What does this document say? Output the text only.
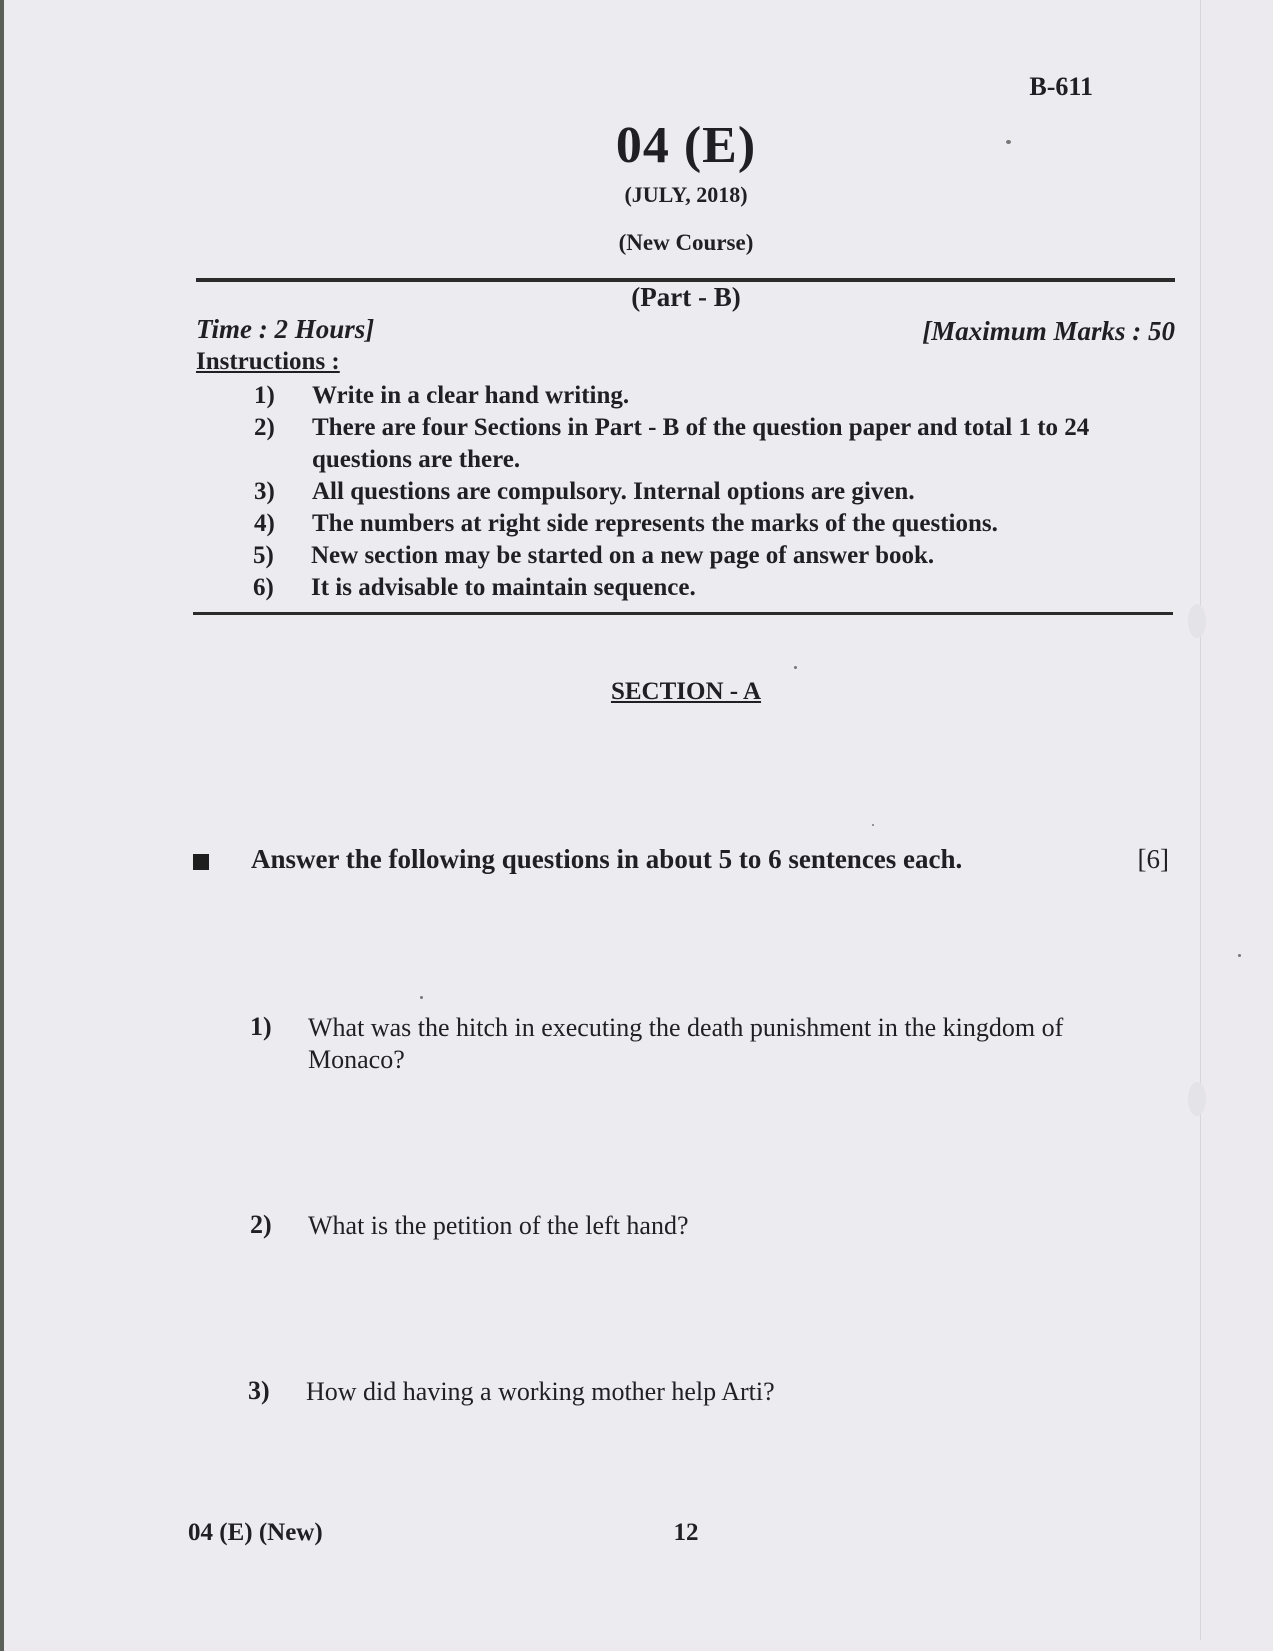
B-611
04 (E)
(JULY, 2018)
(New Course)
(Part - B)
Time : 2 Hours]	[Maximum Marks : 50
Instructions :
1) Write in a clear hand writing.
2) There are four Sections in Part - B of the question paper and total 1 to 24
questions are there.
3) All questions are compulsory. Internal options are given.
4) The numbers at right side represents the marks of the questions.
5) New section may be started on a new page of answer book.
6) It is advisable to maintain sequence.
SECTION - A
Answer the following questions in about 5 to 6 sentences each.	[6]
1) What was the hitch in executing the death punishment in the kingdom of Monaco?
2) What is the petition of the left hand?
3) How did having a working mother help Arti?
04 (E) (New)	12
